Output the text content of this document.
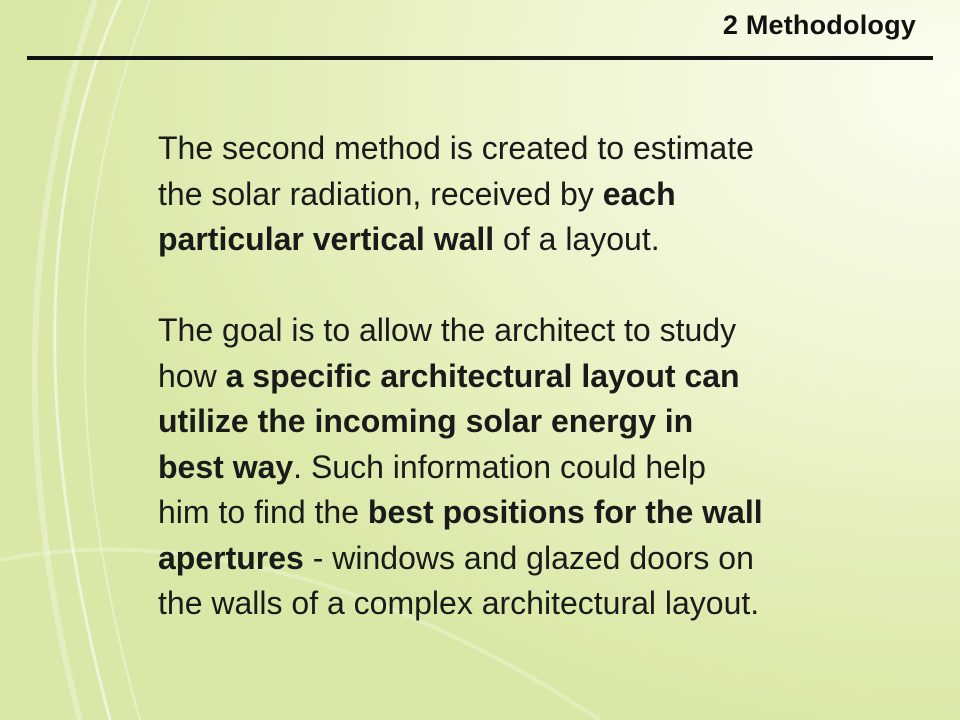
2 Methodology

The second method is created to estimate
the solar radiation, received by each
particular vertical wall of a layout.

The goal is to allow the architect to study
how a specific architectural layout can
utilize the incoming solar energy in
best way. Such information could help
him to find the best positions for the wall
apertures - windows and glazed doors on
the walls of a complex architectural layout.
